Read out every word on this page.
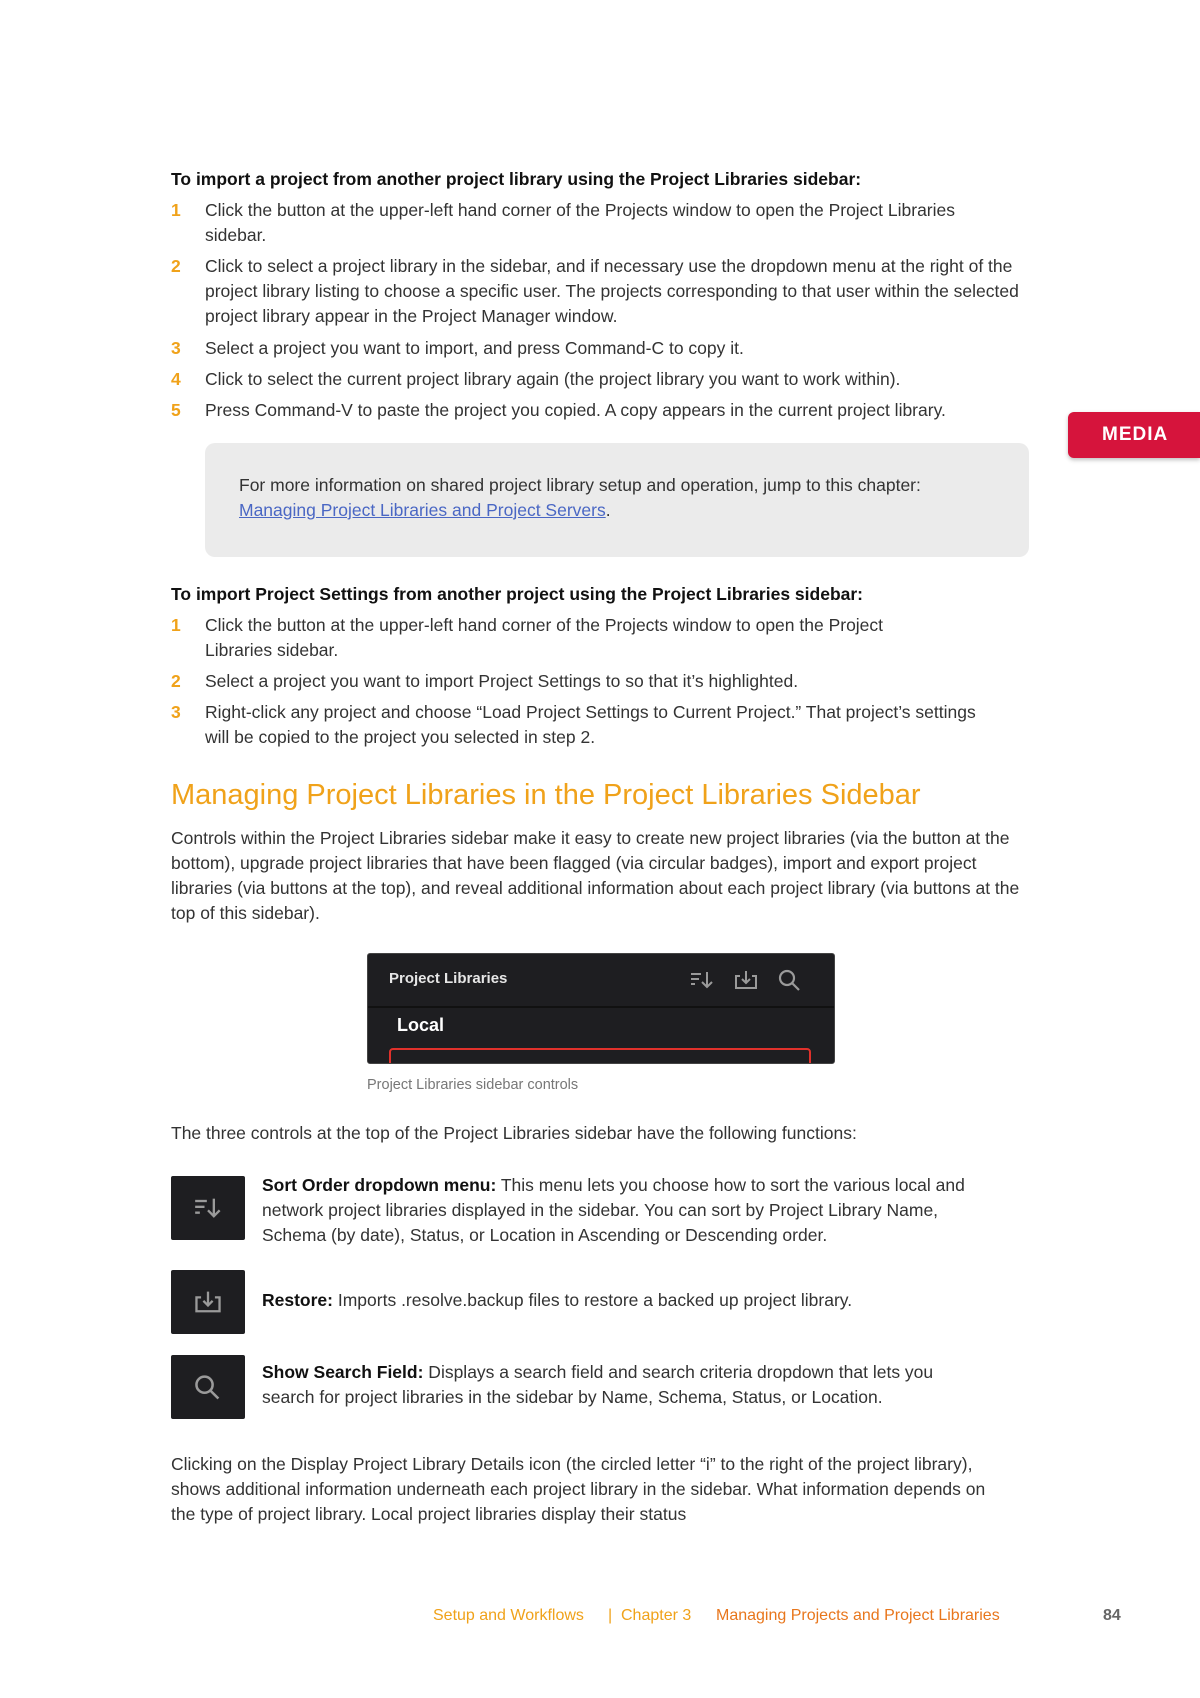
To import a project from another project library using the Project Libraries sidebar:
1 Click the button at the upper-left hand corner of the Projects window to open the Project Libraries sidebar.
2 Click to select a project library in the sidebar, and if necessary use the dropdown menu at the right of the project library listing to choose a specific user. The projects corresponding to that user within the selected project library appear in the Project Manager window.
3 Select a project you want to import, and press Command-C to copy it.
4 Click to select the current project library again (the project library you want to work within).
5 Press Command-V to paste the project you copied. A copy appears in the current project library.
MEDIA
For more information on shared project library setup and operation, jump to this chapter:
Managing Project Libraries and Project Servers.
To import Project Settings from another project using the Project Libraries sidebar:
1 Click the button at the upper-left hand corner of the Projects window to open the Project Libraries sidebar.
2 Select a project you want to import Project Settings to so that it’s highlighted.
3 Right-click any project and choose “Load Project Settings to Current Project.” That project’s settings will be copied to the project you selected in step 2.
Managing Project Libraries in the Project Libraries Sidebar
Controls within the Project Libraries sidebar make it easy to create new project libraries (via the button at the bottom), upgrade project libraries that have been flagged (via circular badges), import and export project libraries (via buttons at the top), and reveal additional information about each project library (via buttons at the top of this sidebar).
Project Libraries
Local
Project Libraries sidebar controls
The three controls at the top of the Project Libraries sidebar have the following functions:
Sort Order dropdown menu: This menu lets you choose how to sort the various local and network project libraries displayed in the sidebar. You can sort by Project Library Name, Schema (by date), Status, or Location in Ascending or Descending order.
Restore: Imports .resolve.backup files to restore a backed up project library.
Show Search Field: Displays a search field and search criteria dropdown that lets you search for project libraries in the sidebar by Name, Schema, Status, or Location.
Clicking on the Display Project Library Details icon (the circled letter “i” to the right of the project library), shows additional information underneath each project library in the sidebar. What information depends on the type of project library. Local project libraries display their status
Setup and Workflows | Chapter 3 Managing Projects and Project Libraries	84
